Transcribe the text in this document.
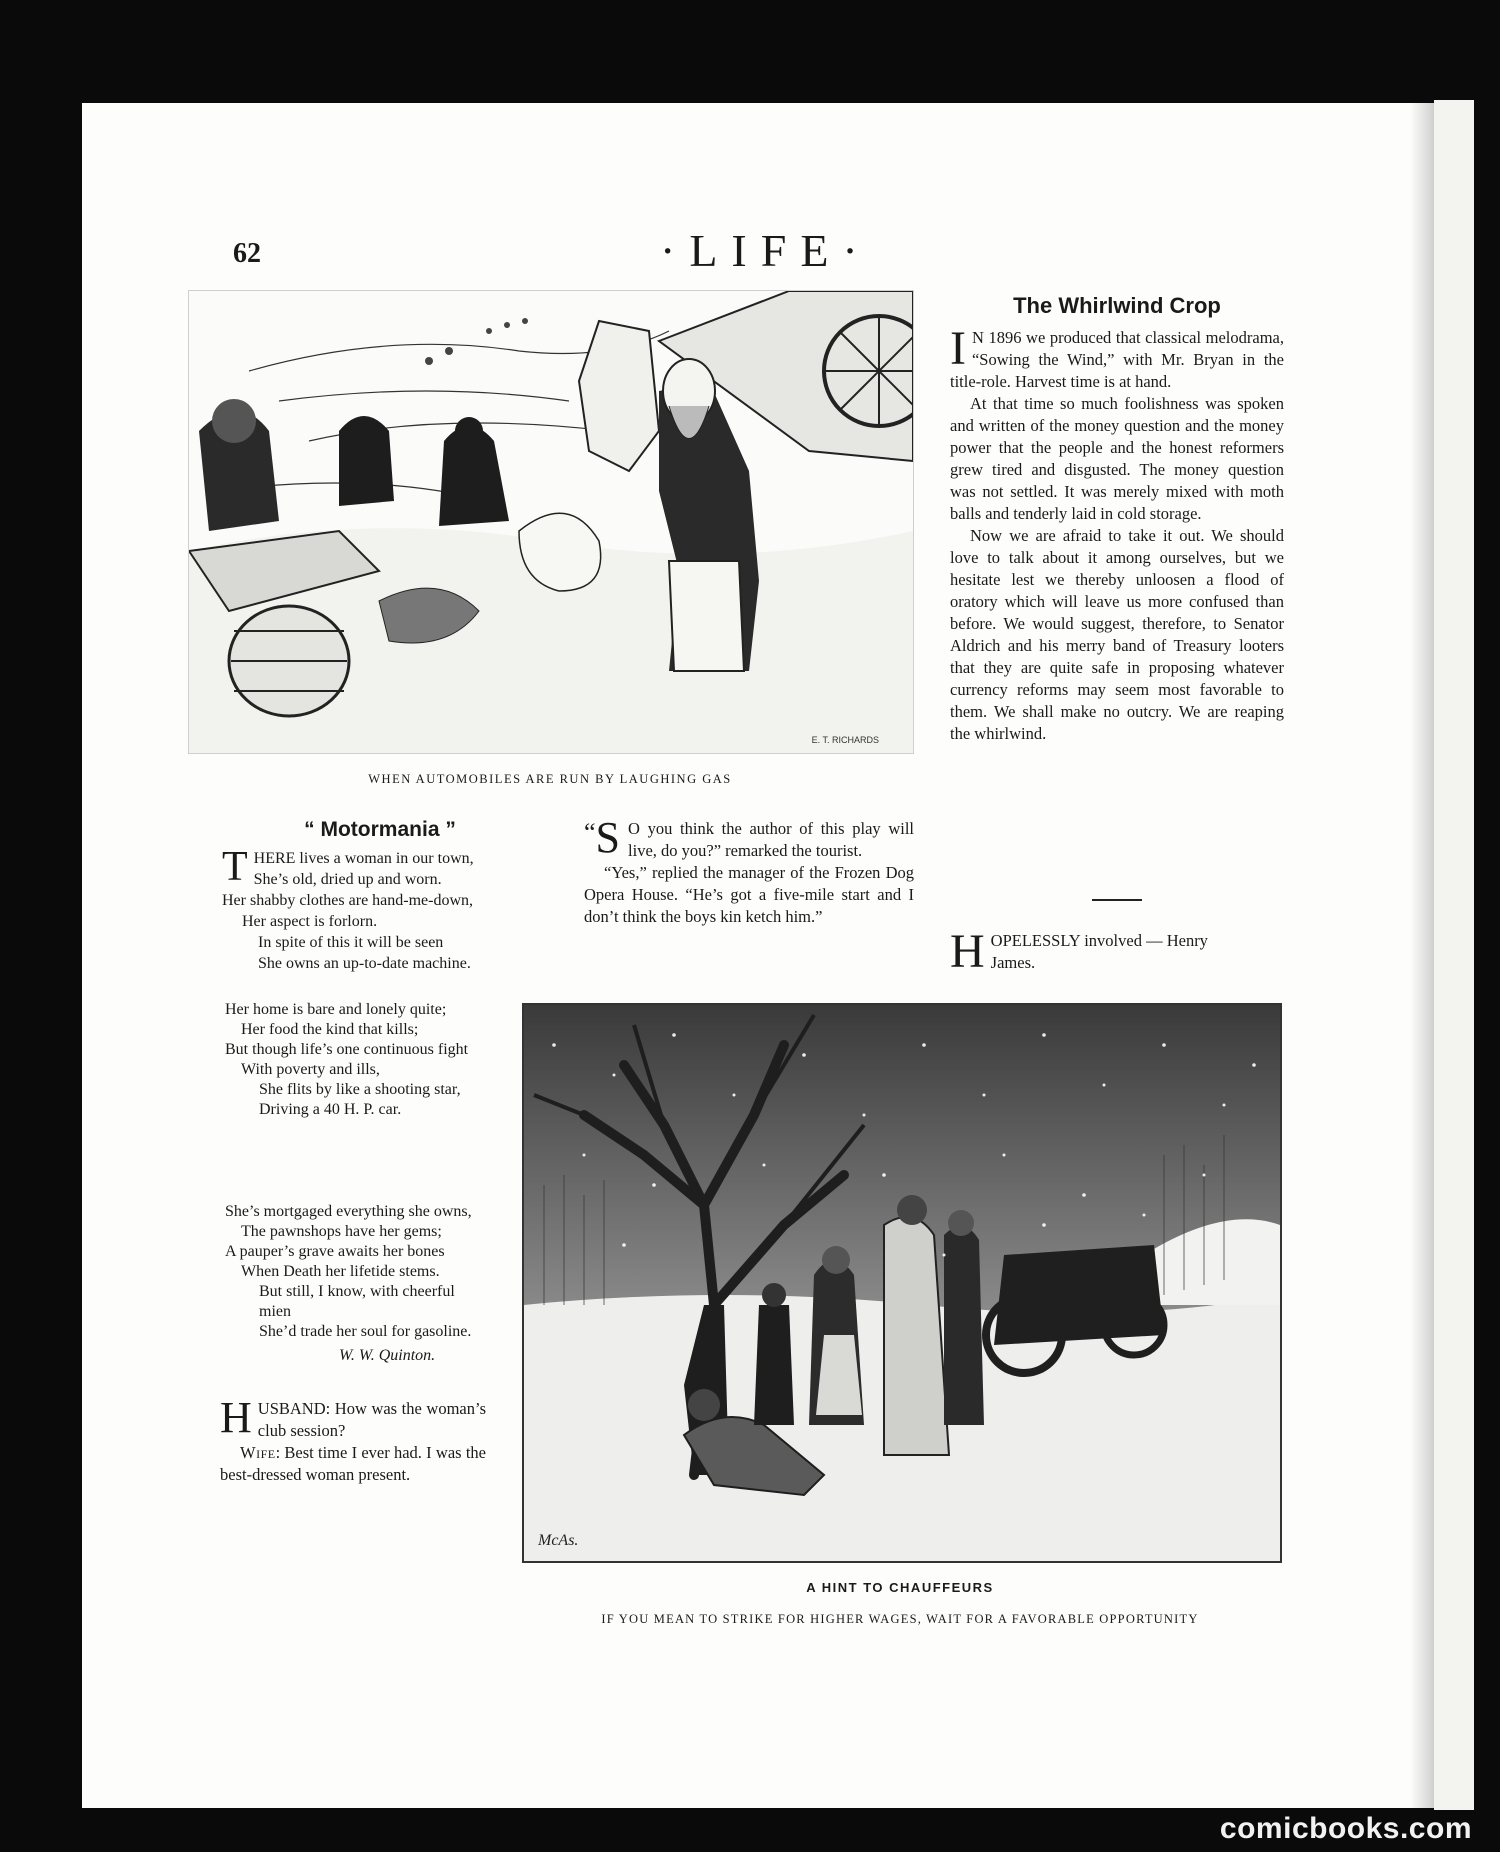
62	·LIFE·
E. T. RICHARDS
WHEN AUTOMOBILES ARE RUN BY LAUGHING GAS
The Whirlwind Crop

I N 1896 we produced that classical melodrama, “Sowing the Wind,” with Mr. Bryan in the title-role. Harvest time is at hand.

At that time so much foolishness was spoken and written of the money question and the money power that the people and the honest reformers grew tired and disgusted. The money question was not settled. It was merely mixed with moth balls and tenderly laid in cold storage.

Now we are afraid to take it out. We should love to talk about it among ourselves, but we hesitate lest we thereby unloosen a flood of oratory which will leave us more confused than before. We would suggest, therefore, to Senator Aldrich and his merry band of Treasury looters that they are quite safe in proposing whatever currency reforms may seem most favorable to them. We shall make no outcry. We are reaping the whirlwind.

HOPELESSLY involved — Henry
James.
“ Motormania ”
T HERE lives a woman in our town,
She’s old, dried up and worn.
Her shabby clothes are hand-me-down,
Her aspect is forlorn.
In spite of this it will be seen
She owns an up-to-date machine.
Her home is bare and lonely quite;
Her food the kind that kills;
But though life’s one continuous fight
With poverty and ills,
She flits by like a shooting star,
Driving a 40 H. P. car.
She’s mortgaged everything she owns,
The pawnshops have her gems;
A pauper’s grave awaits her bones
When Death her lifetide stems.
But still, I know, with cheerful mien
She’d trade her soul for gasoline.
W. W. Quinton.

“ S O you think the author of this play will live, do you?” remarked the tourist.

“Yes,” replied the manager of the Frozen Dog Opera House. “He’s got a five-mile start and I don’t think the boys kin ketch him.”

HUSBAND: How was the woman’s club session?

Wife: Best time I ever had. I was the best-dressed woman present.

McAs.
A HINT TO CHAUFFEURS
IF YOU MEAN TO STRIKE FOR HIGHER WAGES, WAIT FOR A FAVORABLE OPPORTUNITY
comicbooks.com
